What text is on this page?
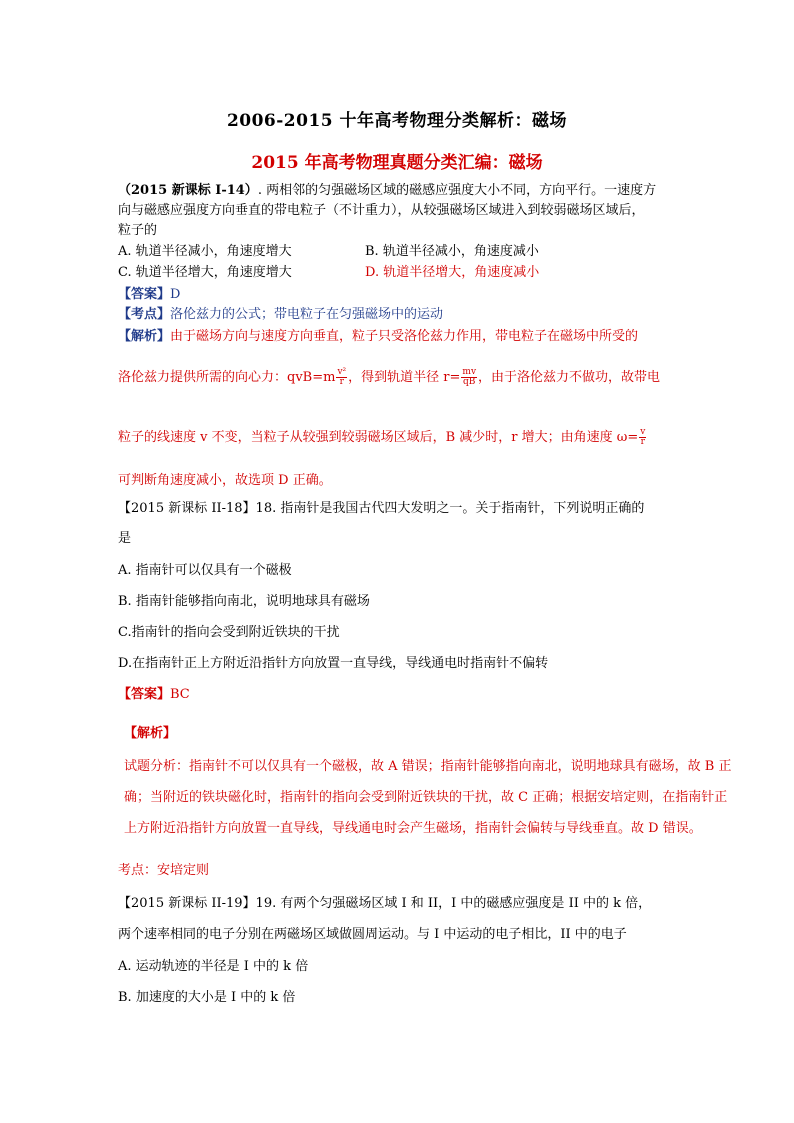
2006-2015 十年高考物理分类解析：磁场
2015 年高考物理真题分类汇编：磁场
（2015 新课标 I-14）. 两相邻的匀强磁场区域的磁感应强度大小不同，方向平行。一速度方
向与磁感应强度方向垂直的带电粒子（不计重力），从较强磁场区域进入到较弱磁场区域后，
粒子的
A. 轨道半径减小，角速度增大	B. 轨道半径减小，角速度减小
C. 轨道半径增大，角速度增大	D. 轨道半径增大，角速度减小
【答案】D
【考点】洛伦兹力的公式；带电粒子在匀强磁场中的运动
【解析】由于磁场方向与速度方向垂直，粒子只受洛伦兹力作用，带电粒子在磁场中所受的
洛伦兹力提供所需的向心力：$qvB=m \frac{\text{v²}}{r}$ ，得到轨道半径 $r= \frac{mv}{qB}$ ，由于洛伦兹力不做功，故带电
粒子的线速度 v 不变，当粒子从较强到较弱磁场区域后，B 减少时，r 增大；由角速度 $\omega= \frac{v}{r}$
可判断角速度减小，故选项 D 正确。
【2015 新课标 II-18】18. 指南针是我国古代四大发明之一。关于指南针，下列说明正确的
是
A. 指南针可以仅具有一个磁极
B. 指南针能够指向南北，说明地球具有磁场
C.指南针的指向会受到附近铁块的干扰
D.在指南针正上方附近沿指针方向放置一直导线，导线通电时指南针不偏转
【答案】BC
【解析】
试题分析：指南针不可以仅具有一个磁极，故 A 错误；指南针能够指向南北，说明地球具有磁场，故 B 正
确；当附近的铁块磁化时，指南针的指向会受到附近铁块的干扰，故 C 正确；根据安培定则，在指南针正
上方附近沿指针方向放置一直导线，导线通电时会产生磁场，指南针会偏转与导线垂直。故 D 错误。
考点：安培定则
【2015 新课标 II-19】19. 有两个匀强磁场区域 I 和 II，I 中的磁感应强度是 II 中的 k 倍，
两个速率相同的电子分别在两磁场区域做圆周运动。与 I 中运动的电子相比，II 中的电子
A. 运动轨迹的半径是 I 中的 k 倍
B. 加速度的大小是 I 中的 k 倍
